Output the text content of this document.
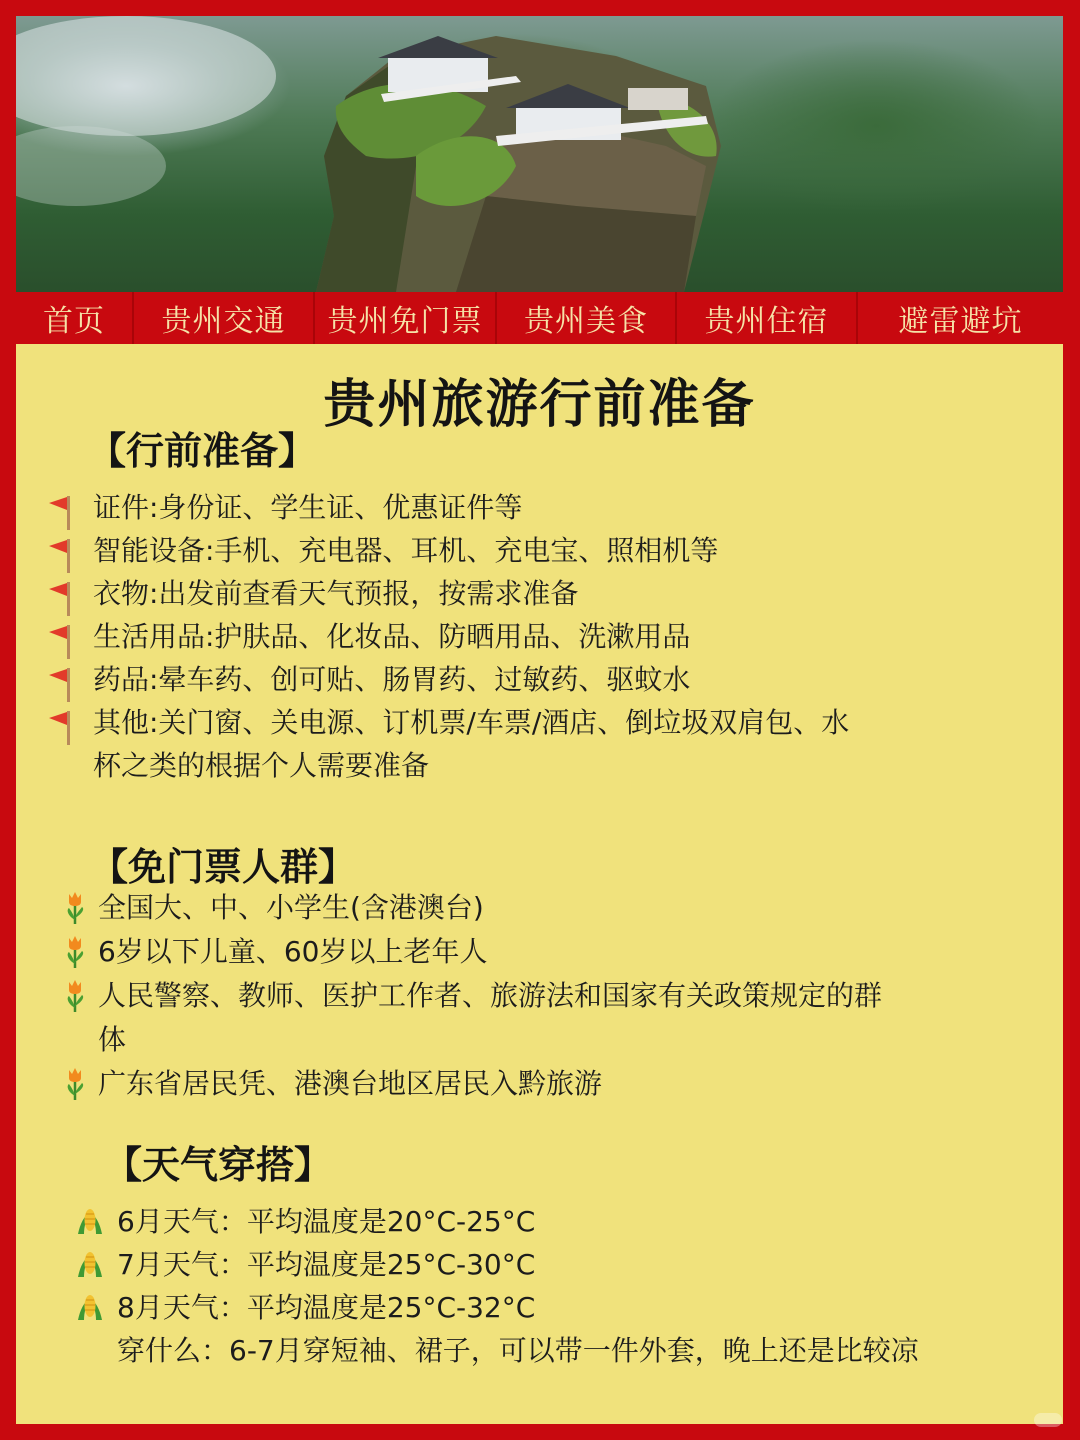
首页	贵州交通	贵州免门票	贵州美食	贵州住宿	避雷避坑
贵州旅游行前准备
【行前准备】
证件:身份证、学生证、优惠证件等
智能设备:手机、充电器、耳机、充电宝、照相机等
衣物:出发前查看天气预报，按需求准备
生活用品:护肤品、化妆品、防晒用品、洗漱用品
药品:晕车药、创可贴、肠胃药、过敏药、驱蚊水
其他:关门窗、关电源、订机票/车票/酒店、倒垃圾双肩包、水
杯之类的根据个人需要准备
【免门票人群】
全国大、中、小学生(含港澳台)
6岁以下儿童、60岁以上老年人
人民警察、教师、医护工作者、旅游法和国家有关政策规定的群
体
广东省居民凭、港澳台地区居民入黔旅游
【天气穿搭】
6月天气：平均温度是20°C-25°C
7月天气：平均温度是25°C-30°C
8月天气：平均温度是25°C-32°C
穿什么：6-7月穿短袖、裙子，可以带一件外套，晚上还是比较凉
